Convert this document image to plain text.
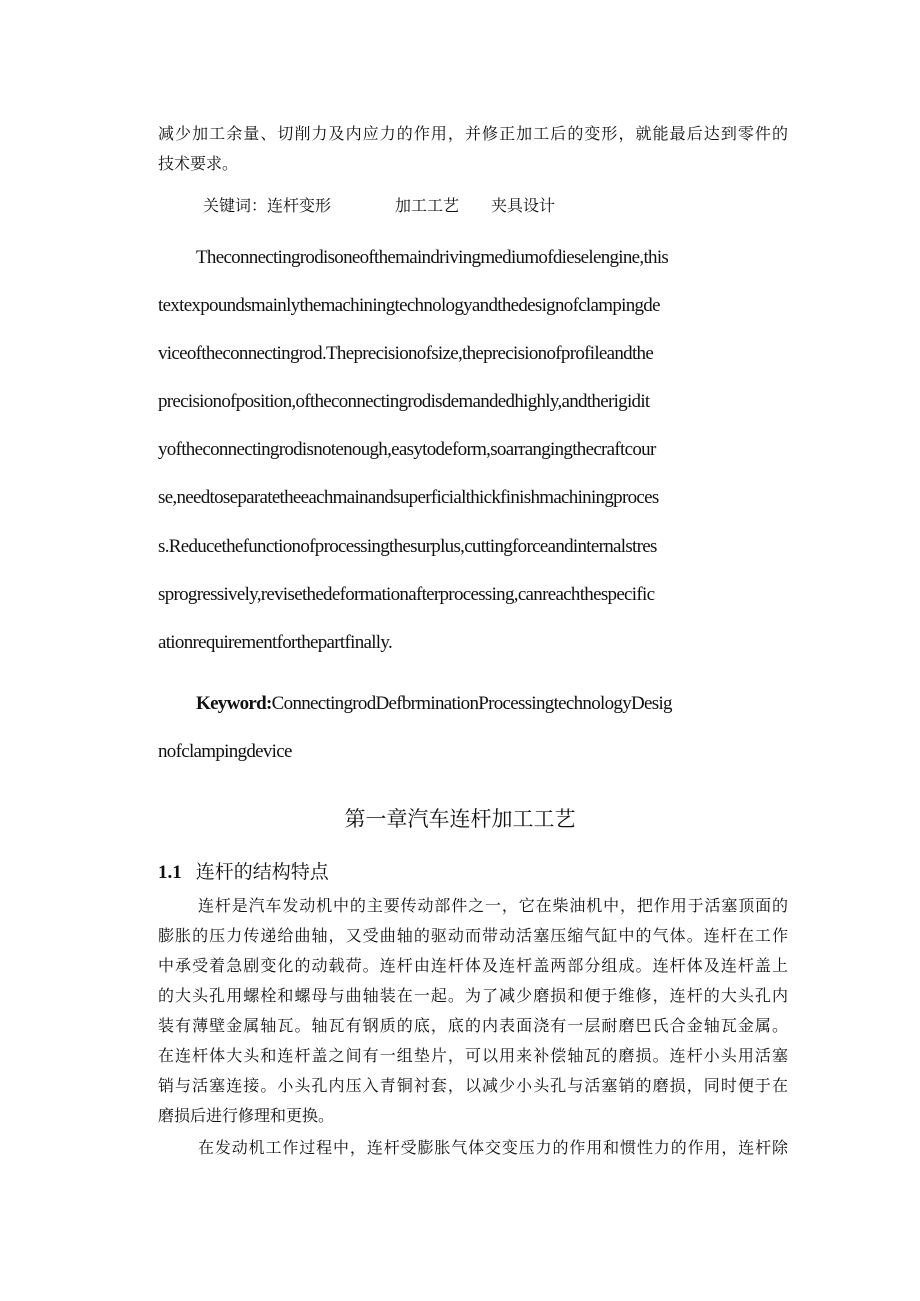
减少加工余量、切削力及内应力的作用，并修正加工后的变形，就能最后达到零件的
技术要求。
关键词：连杆变形	加工工艺 夹具设计
Theconnectingrodisoneofthemaindrivingmediumofdieselengine,this
textexpoundsmainlythemachiningtechnologyandthedesignofclampingde
viceoftheconnectingrod.Theprecisionofsize,theprecisionofprofileandthe
precisionofposition,oftheconnectingrodisdemandedhighly,andtherigidit
yoftheconnectingrodisnotenough,easytodeform,soarrangingthecraftcour
se,needtoseparatetheeachmainandsuperficialthickfinishmachiningproces
s.Reducethefunctionofprocessingthesurplus,cuttingforceandinternalstres
sprogressively,revisethedeformationafterprocessing,canreachthespecific
ationrequirementforthepartfinally.
Keyword:ConnectingrodDefbrminationProcessingtechnologyDesig
nofclampingdevice
第一章汽车连杆加工工艺
1.1 连杆的结构特点
连杆是汽车发动机中的主要传动部件之一，它在柴油机中，把作用于活塞顶面的
膨胀的压力传递给曲轴，又受曲轴的驱动而带动活塞压缩气缸中的气体。连杆在工作
中承受着急剧变化的动载荷。连杆由连杆体及连杆盖两部分组成。连杆体及连杆盖上
的大头孔用螺栓和螺母与曲轴装在一起。为了减少磨损和便于维修，连杆的大头孔内
装有薄壁金属轴瓦。轴瓦有钢质的底，底的内表面浇有一层耐磨巴氏合金轴瓦金属。
在连杆体大头和连杆盖之间有一组垫片，可以用来补偿轴瓦的磨损。连杆小头用活塞
销与活塞连接。小头孔内压入青铜衬套，以减少小头孔与活塞销的磨损，同时便于在
磨损后进行修理和更换。
在发动机工作过程中，连杆受膨胀气体交变压力的作用和惯性力的作用，连杆除
